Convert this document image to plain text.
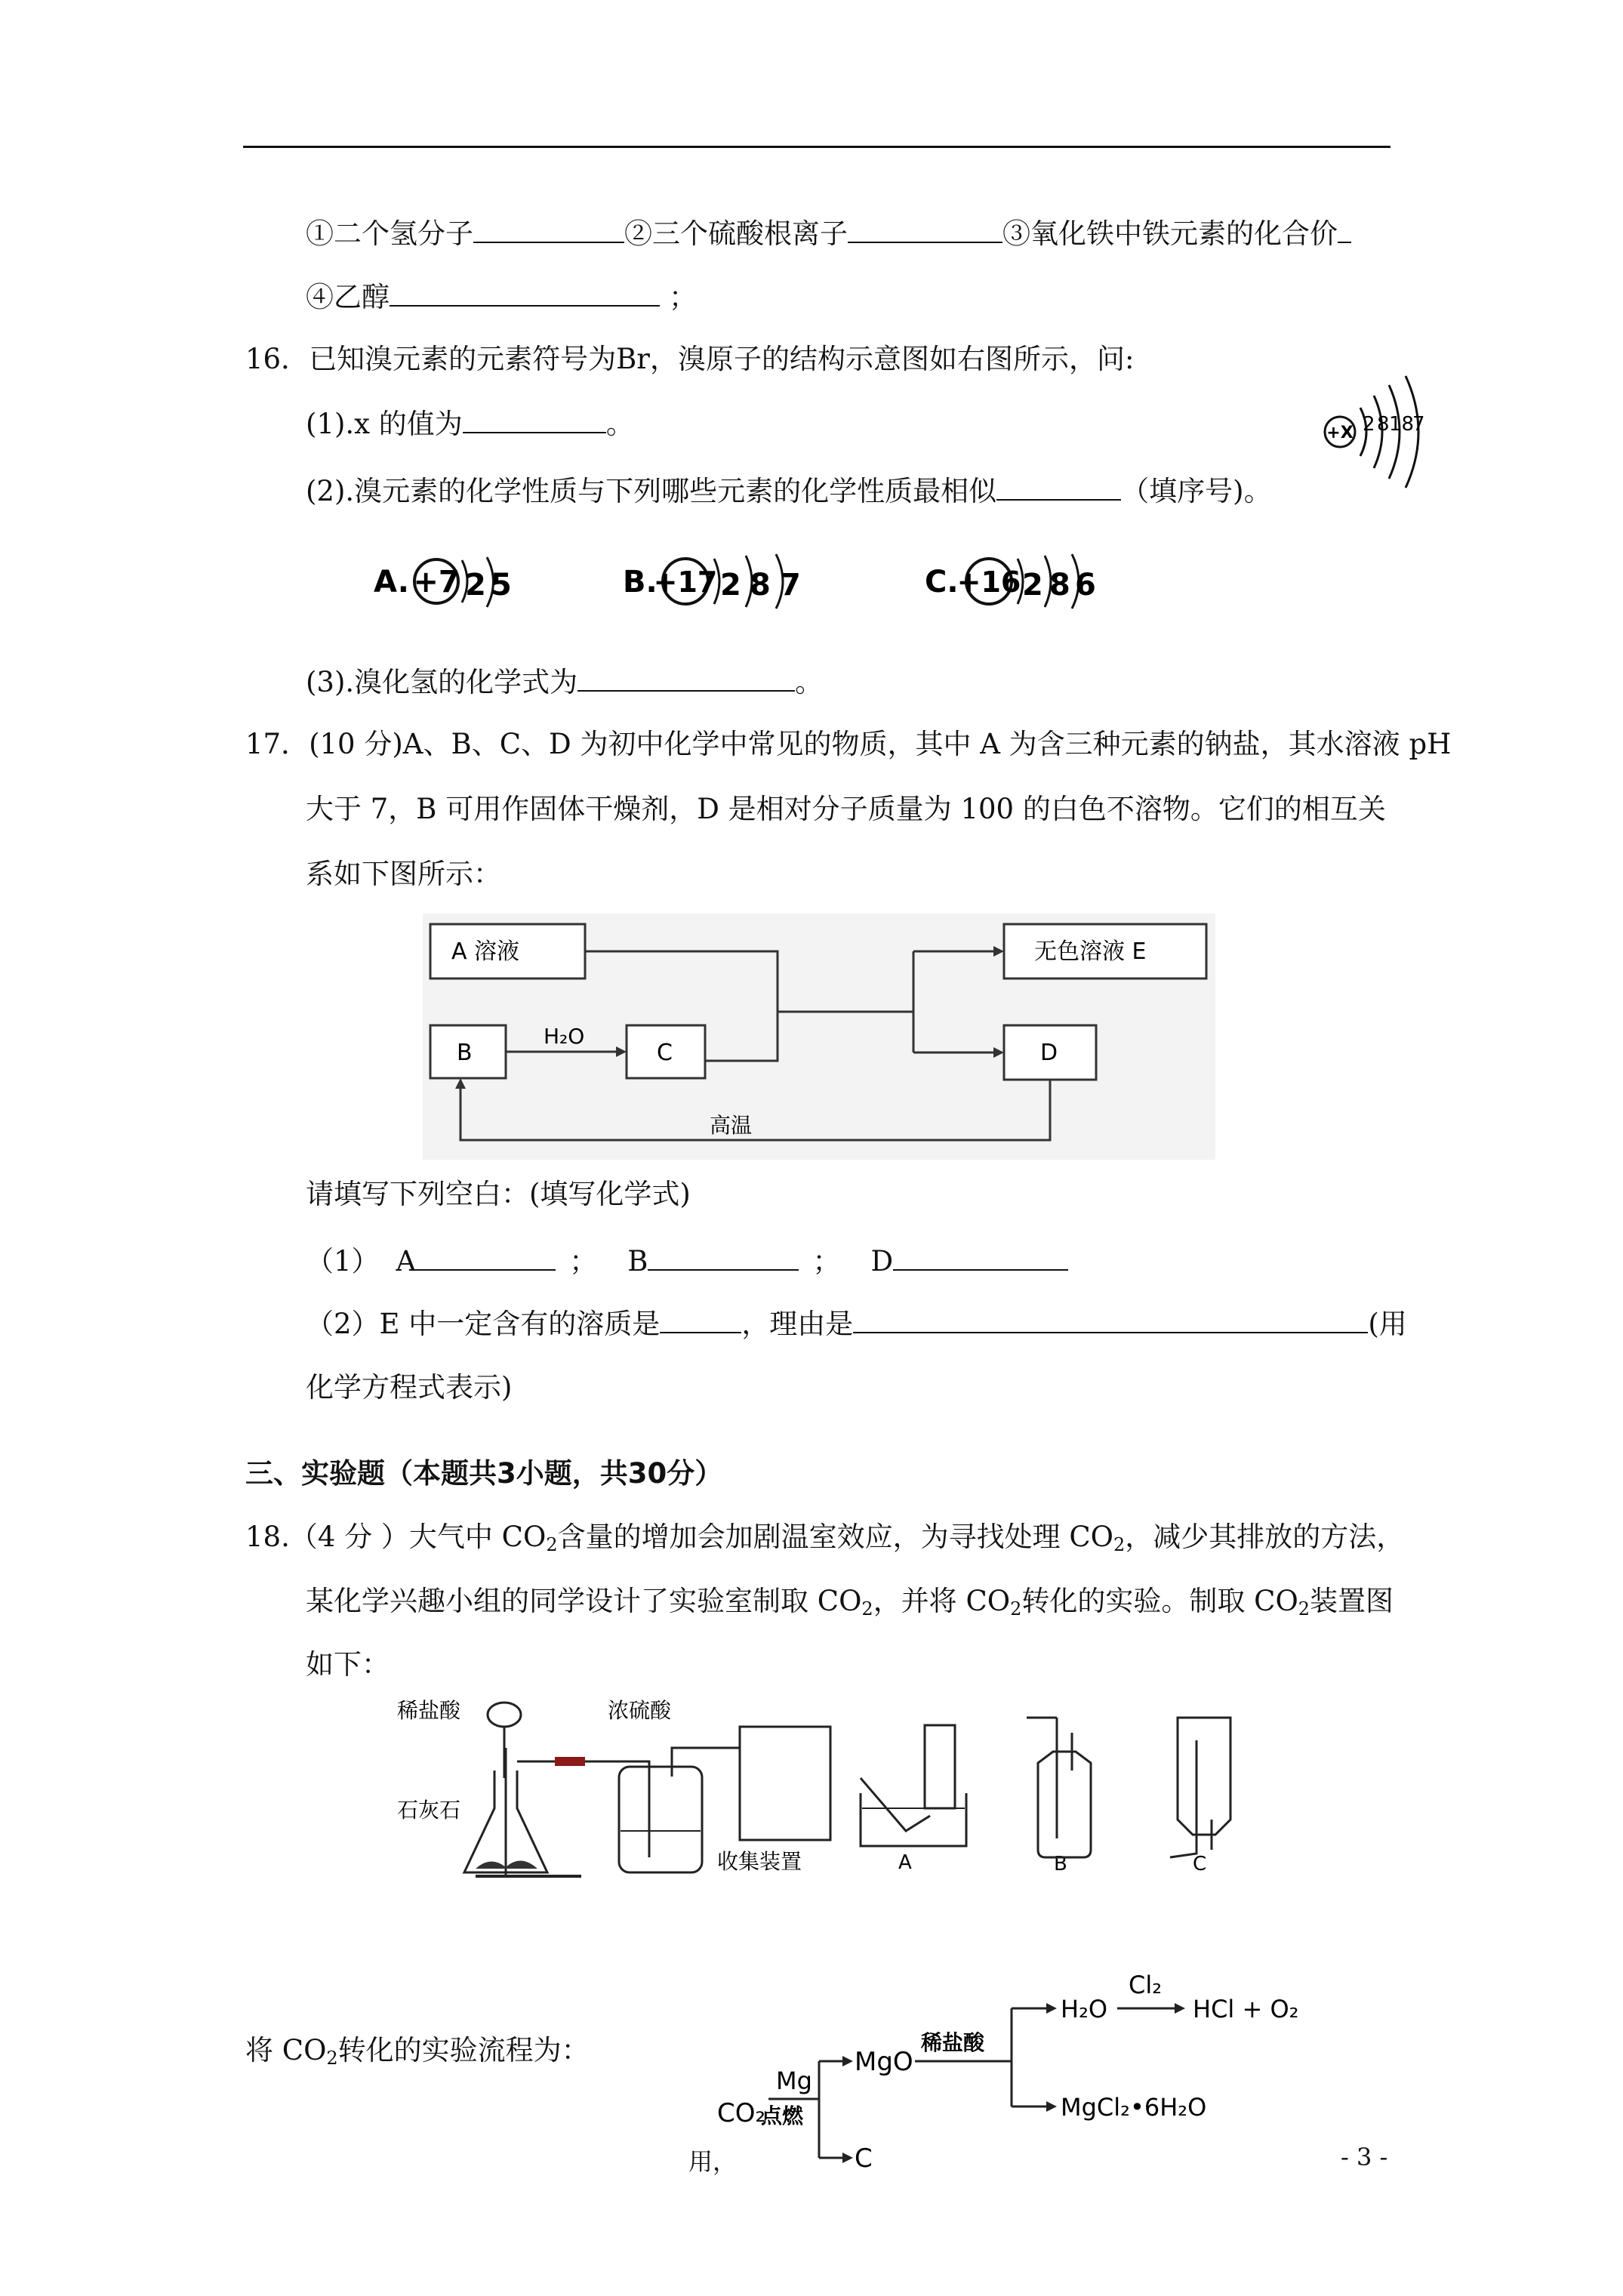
①二个氢分子	②三个硫酸根离子	③氧化铁中铁元素的化合价
④乙醇	；
16．已知溴元素的元素符号为Br，溴原子的结构示意图如右图所示，问:
(1).x 的值为	。
(2).溴元素的化学性质与下列哪些元素的化学性质最相似	（填序号)。
+X 2 8 18
7
A. +7 2 5	B.
+17 2 8 7	C.
+16 2 8 6
(3).溴化氢的化学式为	。
17．(10 分)A、B、C、D 为初中化学中常见的物质，其中 A 为含三种元素的钠盐，其水溶液 pH
大于 7，B 可用作固体干燥剂，D 是相对分子质量为 100 的白色不溶物。它们的相互关
系如下图所示：
A 溶液
B	C
无色溶液 E
D
H₂O
高温
请填写下列空白：(填写化学式)
（1） A	； B	； D
（2）E 中一定含有的溶质是	，理由是	(用
化学方程式表示)
三、实验题（本题共3小题，共30分）
18.（4 分 ）大气中 $CO_2$含量的增加会加剧温室效应，为寻找处理 $CO_2$，减少其排放的方法，
某化学兴趣小组的同学设计了实验室制取 $CO_2$，并将 $CO_2$转化的实验。制取 $CO_2$装置图
如下：
稀盐酸
石灰石
浓硫酸
收集装置	A	B	C
将 $CO_2$转化的实验流程为：
CO₂
Mg
点燃
MgO
C
稀盐酸
H₂O
Cl₂
HCl + O₂
MgCl₂•6H₂O
用，	- 3 -
